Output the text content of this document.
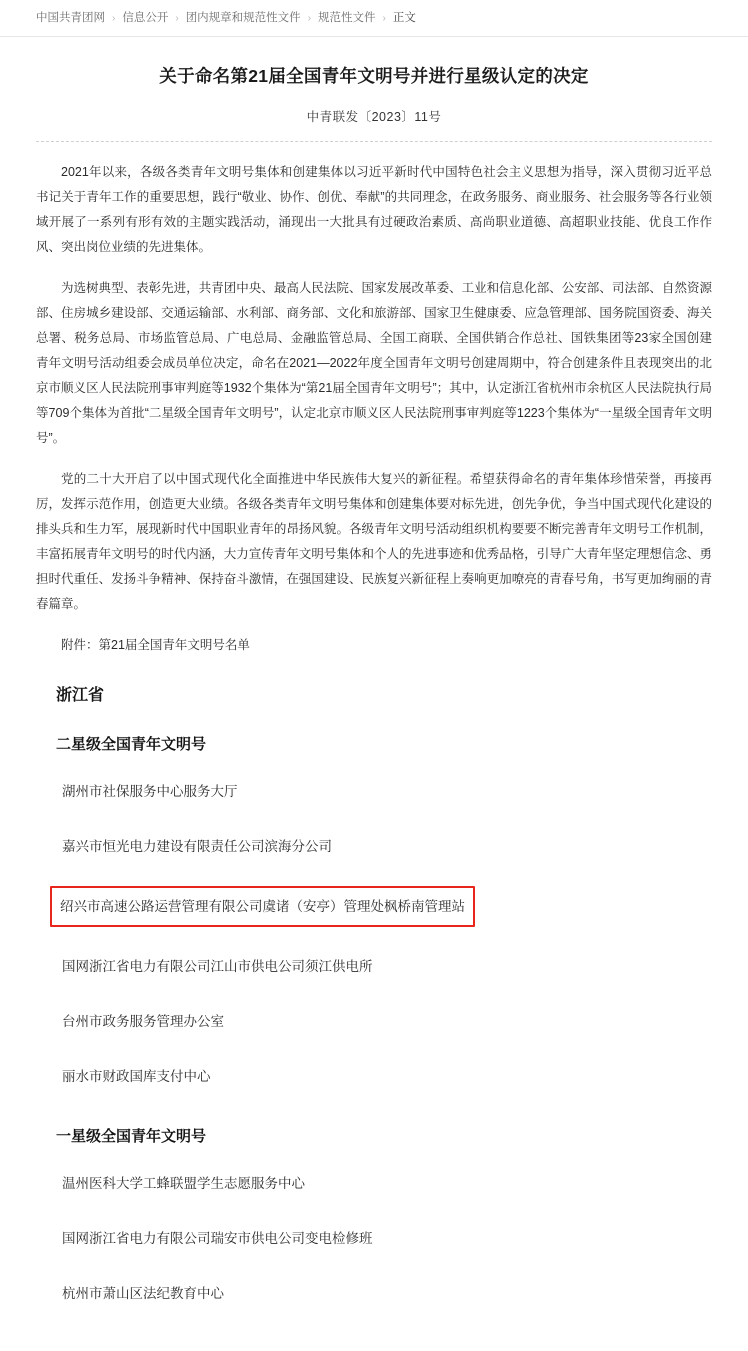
中国共青团网 › 信息公开 › 团内规章和规范性文件 › 规范性文件 › 正文
关于命名第21届全国青年文明号并进行星级认定的决定
中青联发〔2023〕11号

2021年以来，各级各类青年文明号集体和创建集体以习近平新时代中国特色社会主义思想为指导，深入贯彻习近平总书记关于青年工作的重要思想，践行“敬业、协作、创优、奉献”的共同理念，在政务服务、商业服务、社会服务等各行业领域开展了一系列有形有效的主题实践活动，涌现出一大批具有过硬政治素质、高尚职业道德、高超职业技能、优良工作作风、突出岗位业绩的先进集体。

为选树典型、表彰先进，共青团中央、最高人民法院、国家发展改革委、工业和信息化部、公安部、司法部、自然资源部、住房城乡建设部、交通运输部、水利部、商务部、文化和旅游部、国家卫生健康委、应急管理部、国务院国资委、海关总署、税务总局、市场监管总局、广电总局、金融监管总局、全国工商联、全国供销合作总社、国铁集团等23家全国创建青年文明号活动组委会成员单位决定，命名在2021—2022年度全国青年文明号创建周期中，符合创建条件且表现突出的北京市顺义区人民法院刑事审判庭等1932个集体为“第21届全国青年文明号”；其中，认定浙江省杭州市余杭区人民法院执行局等709个集体为首批“二星级全国青年文明号”，认定北京市顺义区人民法院刑事审判庭等1223个集体为“一星级全国青年文明号”。

党的二十大开启了以中国式现代化全面推进中华民族伟大复兴的新征程。希望获得命名的青年集体珍惜荣誉，再接再厉，发挥示范作用，创造更大业绩。各级各类青年文明号集体和创建集体要对标先进，创先争优，争当中国式现代化建设的排头兵和生力军，展现新时代中国职业青年的昂扬风貌。各级青年文明号活动组织机构要要不断完善青年文明号工作机制，丰富拓展青年文明号的时代内涵，大力宣传青年文明号集体和个人的先进事迹和优秀品格，引导广大青年坚定理想信念、勇担时代重任、发扬斗争精神、保持奋斗激情，在强国建设、民族复兴新征程上奏响更加嘹亮的青春号角，书写更加绚丽的青春篇章。

附件：第21届全国青年文明号名单

浙江省
二星级全国青年文明号
湖州市社保服务中心服务大厅
嘉兴市恒光电力建设有限责任公司滨海分公司
绍兴市高速公路运营管理有限公司虞诸（安亭）管理处枫桥南管理站
国网浙江省电力有限公司江山市供电公司须江供电所
台州市政务服务管理办公室
丽水市财政国库支付中心
一星级全国青年文明号
温州医科大学工蜂联盟学生志愿服务中心
国网浙江省电力有限公司瑞安市供电公司变电检修班
杭州市萧山区法纪教育中心
